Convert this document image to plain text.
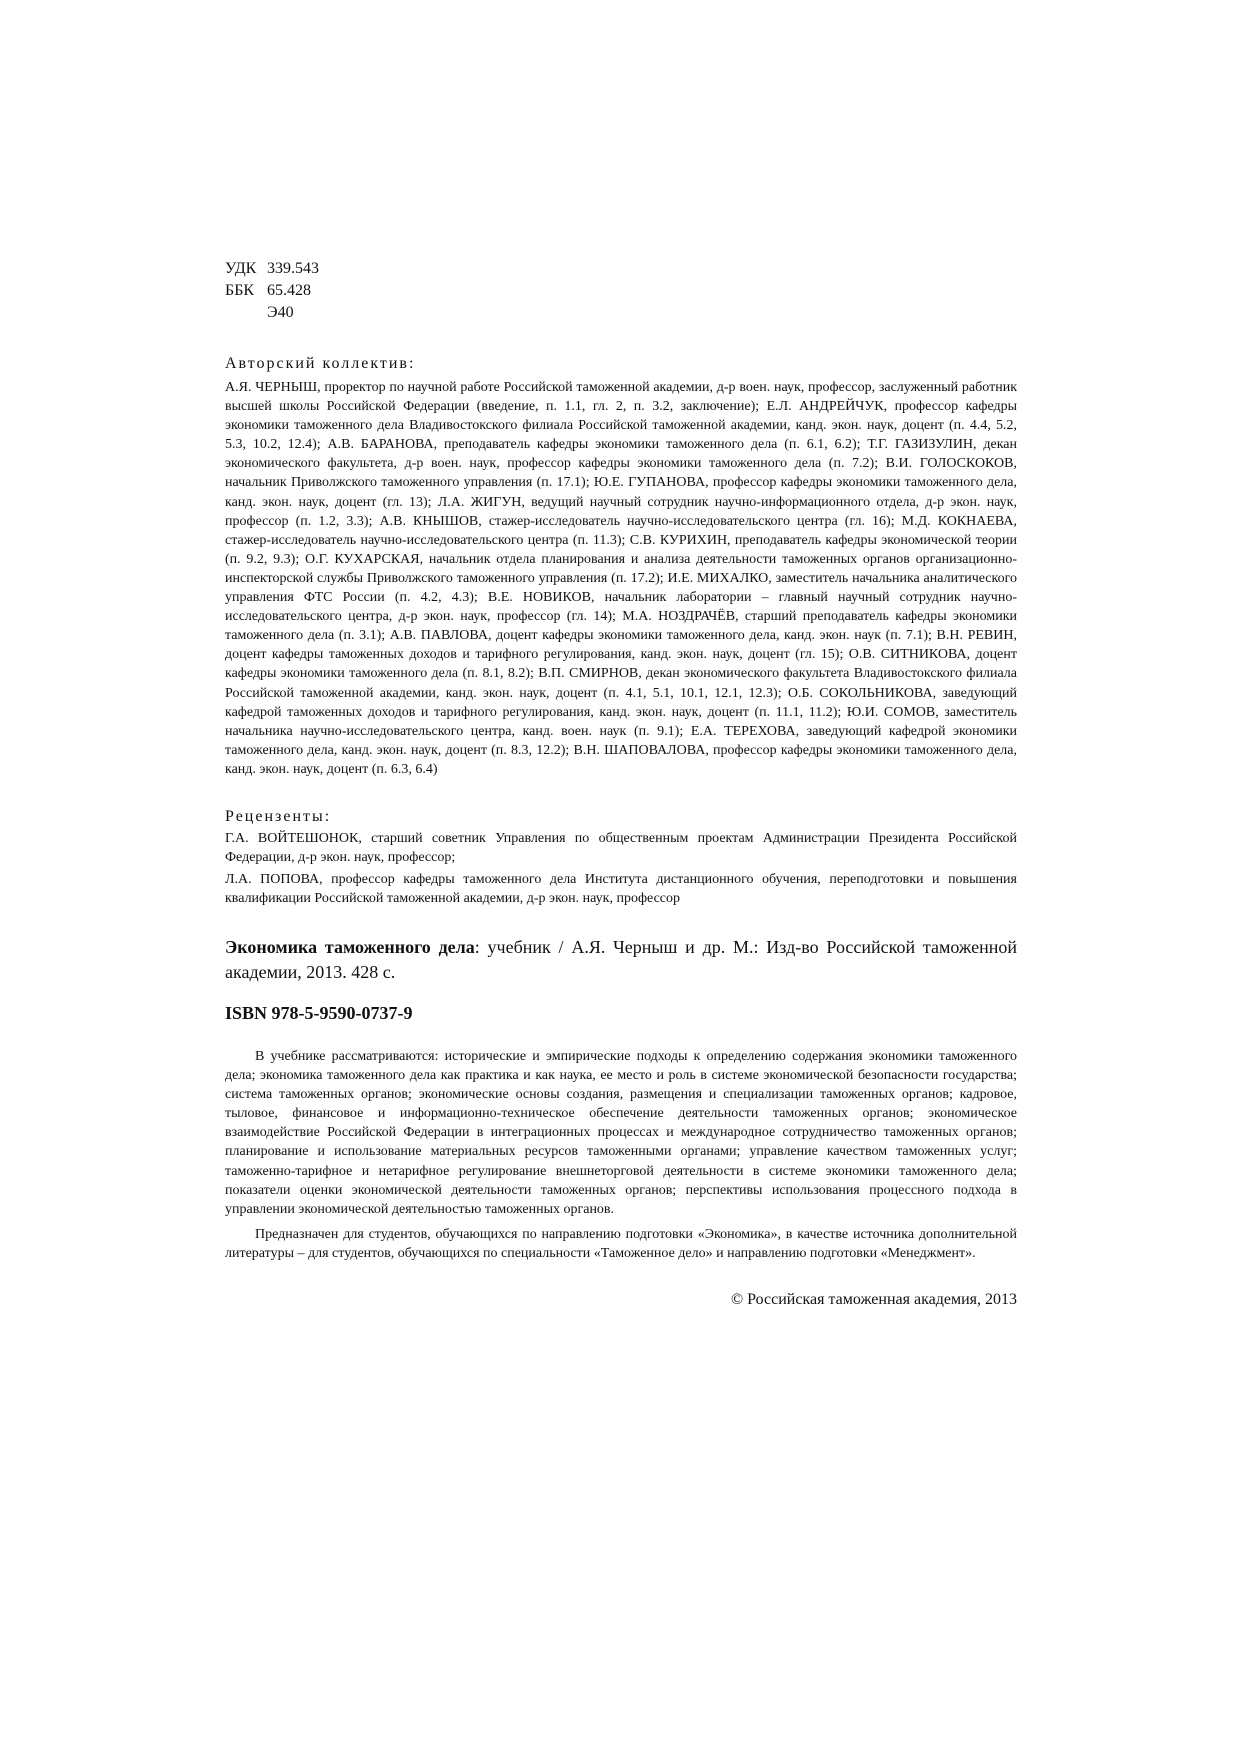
УДК 339.543
ББК 65.428
Э40
Авторский коллектив:
А.Я. ЧЕРНЫШ, проректор по научной работе Российской таможенной академии, д-р воен. наук, профессор, заслуженный работник высшей школы Российской Федерации (введение, п. 1.1, гл. 2, п. 3.2, заключение); Е.Л. АНДРЕЙЧУК, профессор кафедры экономики таможенного дела Владивостокского филиала Российской таможенной академии, канд. экон. наук, доцент (п. 4.4, 5.2, 5.3, 10.2, 12.4); А.В. БАРАНОВА, преподаватель кафедры экономики таможенного дела (п. 6.1, 6.2); Т.Г. ГАЗИЗУЛИН, декан экономического факультета, д-р воен. наук, профессор кафедры экономики таможенного дела (п. 7.2); В.И. ГОЛОСКОКОВ, начальник Приволжского таможенного управления (п. 17.1); Ю.Е. ГУПАНОВА, профессор кафедры экономики таможенного дела, канд. экон. наук, доцент (гл. 13); Л.А. ЖИГУН, ведущий научный сотрудник научно-информационного отдела, д-р экон. наук, профессор (п. 1.2, 3.3); А.В. КНЫШОВ, стажер-исследователь научно-исследовательского центра (гл. 16); М.Д. КОКНАЕВА, стажер-исследователь научно-исследовательского центра (п. 11.3); С.В. КУРИХИН, преподаватель кафедры экономической теории (п. 9.2, 9.3); О.Г. КУХАРСКАЯ, начальник отдела планирования и анализа деятельности таможенных органов организационно-инспекторской службы Приволжского таможенного управления (п. 17.2); И.Е. МИХАЛКО, заместитель начальника аналитического управления ФТС России (п. 4.2, 4.3); В.Е. НОВИКОВ, начальник лаборатории – главный научный сотрудник научно-исследовательского центра, д-р экон. наук, профессор (гл. 14); М.А. НОЗДРАЧЁВ, старший преподаватель кафедры экономики таможенного дела (п. 3.1); А.В. ПАВЛОВА, доцент кафедры экономики таможенного дела, канд. экон. наук (п. 7.1); В.Н. РЕВИН, доцент кафедры таможенных доходов и тарифного регулирования, канд. экон. наук, доцент (гл. 15); О.В. СИТНИКОВА, доцент кафедры экономики таможенного дела (п. 8.1, 8.2); В.П. СМИРНОВ, декан экономического факультета Владивостокского филиала Российской таможенной академии, канд. экон. наук, доцент (п. 4.1, 5.1, 10.1, 12.1, 12.3); О.Б. СОКОЛЬНИКОВА, заведующий кафедрой таможенных доходов и тарифного регулирования, канд. экон. наук, доцент (п. 11.1, 11.2); Ю.И. СОМОВ, заместитель начальника научно-исследовательского центра, канд. воен. наук (п. 9.1); Е.А. ТЕРЕХОВА, заведующий кафедрой экономики таможенного дела, канд. экон. наук, доцент (п. 8.3, 12.2); В.Н. ШАПОВАЛОВА, профессор кафедры экономики таможенного дела, канд. экон. наук, доцент (п. 6.3, 6.4)
Рецензенты:
Г.А. ВОЙТЕШОНОК, старший советник Управления по общественным проектам Администрации Президента Российской Федерации, д-р экон. наук, профессор;
Л.А. ПОПОВА, профессор кафедры таможенного дела Института дистанционного обучения, переподготовки и повышения квалификации Российской таможенной академии, д-р экон. наук, профессор
Экономика таможенного дела: учебник / А.Я. Черныш и др. М.: Изд-во Российской таможенной академии, 2013. 428 с.
ISBN 978-5-9590-0737-9
В учебнике рассматриваются: исторические и эмпирические подходы к определению содержания экономики таможенного дела; экономика таможенного дела как практика и как наука, ее место и роль в системе экономической безопасности государства; система таможенных органов; экономические основы создания, размещения и специализации таможенных органов; кадровое, тыловое, финансовое и информационно-техническое обеспечение деятельности таможенных органов; экономическое взаимодействие Российской Федерации в интеграционных процессах и международное сотрудничество таможенных органов; планирование и использование материальных ресурсов таможенными органами; управление качеством таможенных услуг; таможенно-тарифное и нетарифное регулирование внешнеторговой деятельности в системе экономики таможенного дела; показатели оценки экономической деятельности таможенных органов; перспективы использования процессного подхода в управлении экономической деятельностью таможенных органов.
Предназначен для студентов, обучающихся по направлению подготовки «Экономика», в качестве источника дополнительной литературы – для студентов, обучающихся по специальности «Таможенное дело» и направлению подготовки «Менеджмент».
© Российская таможенная академия, 2013
